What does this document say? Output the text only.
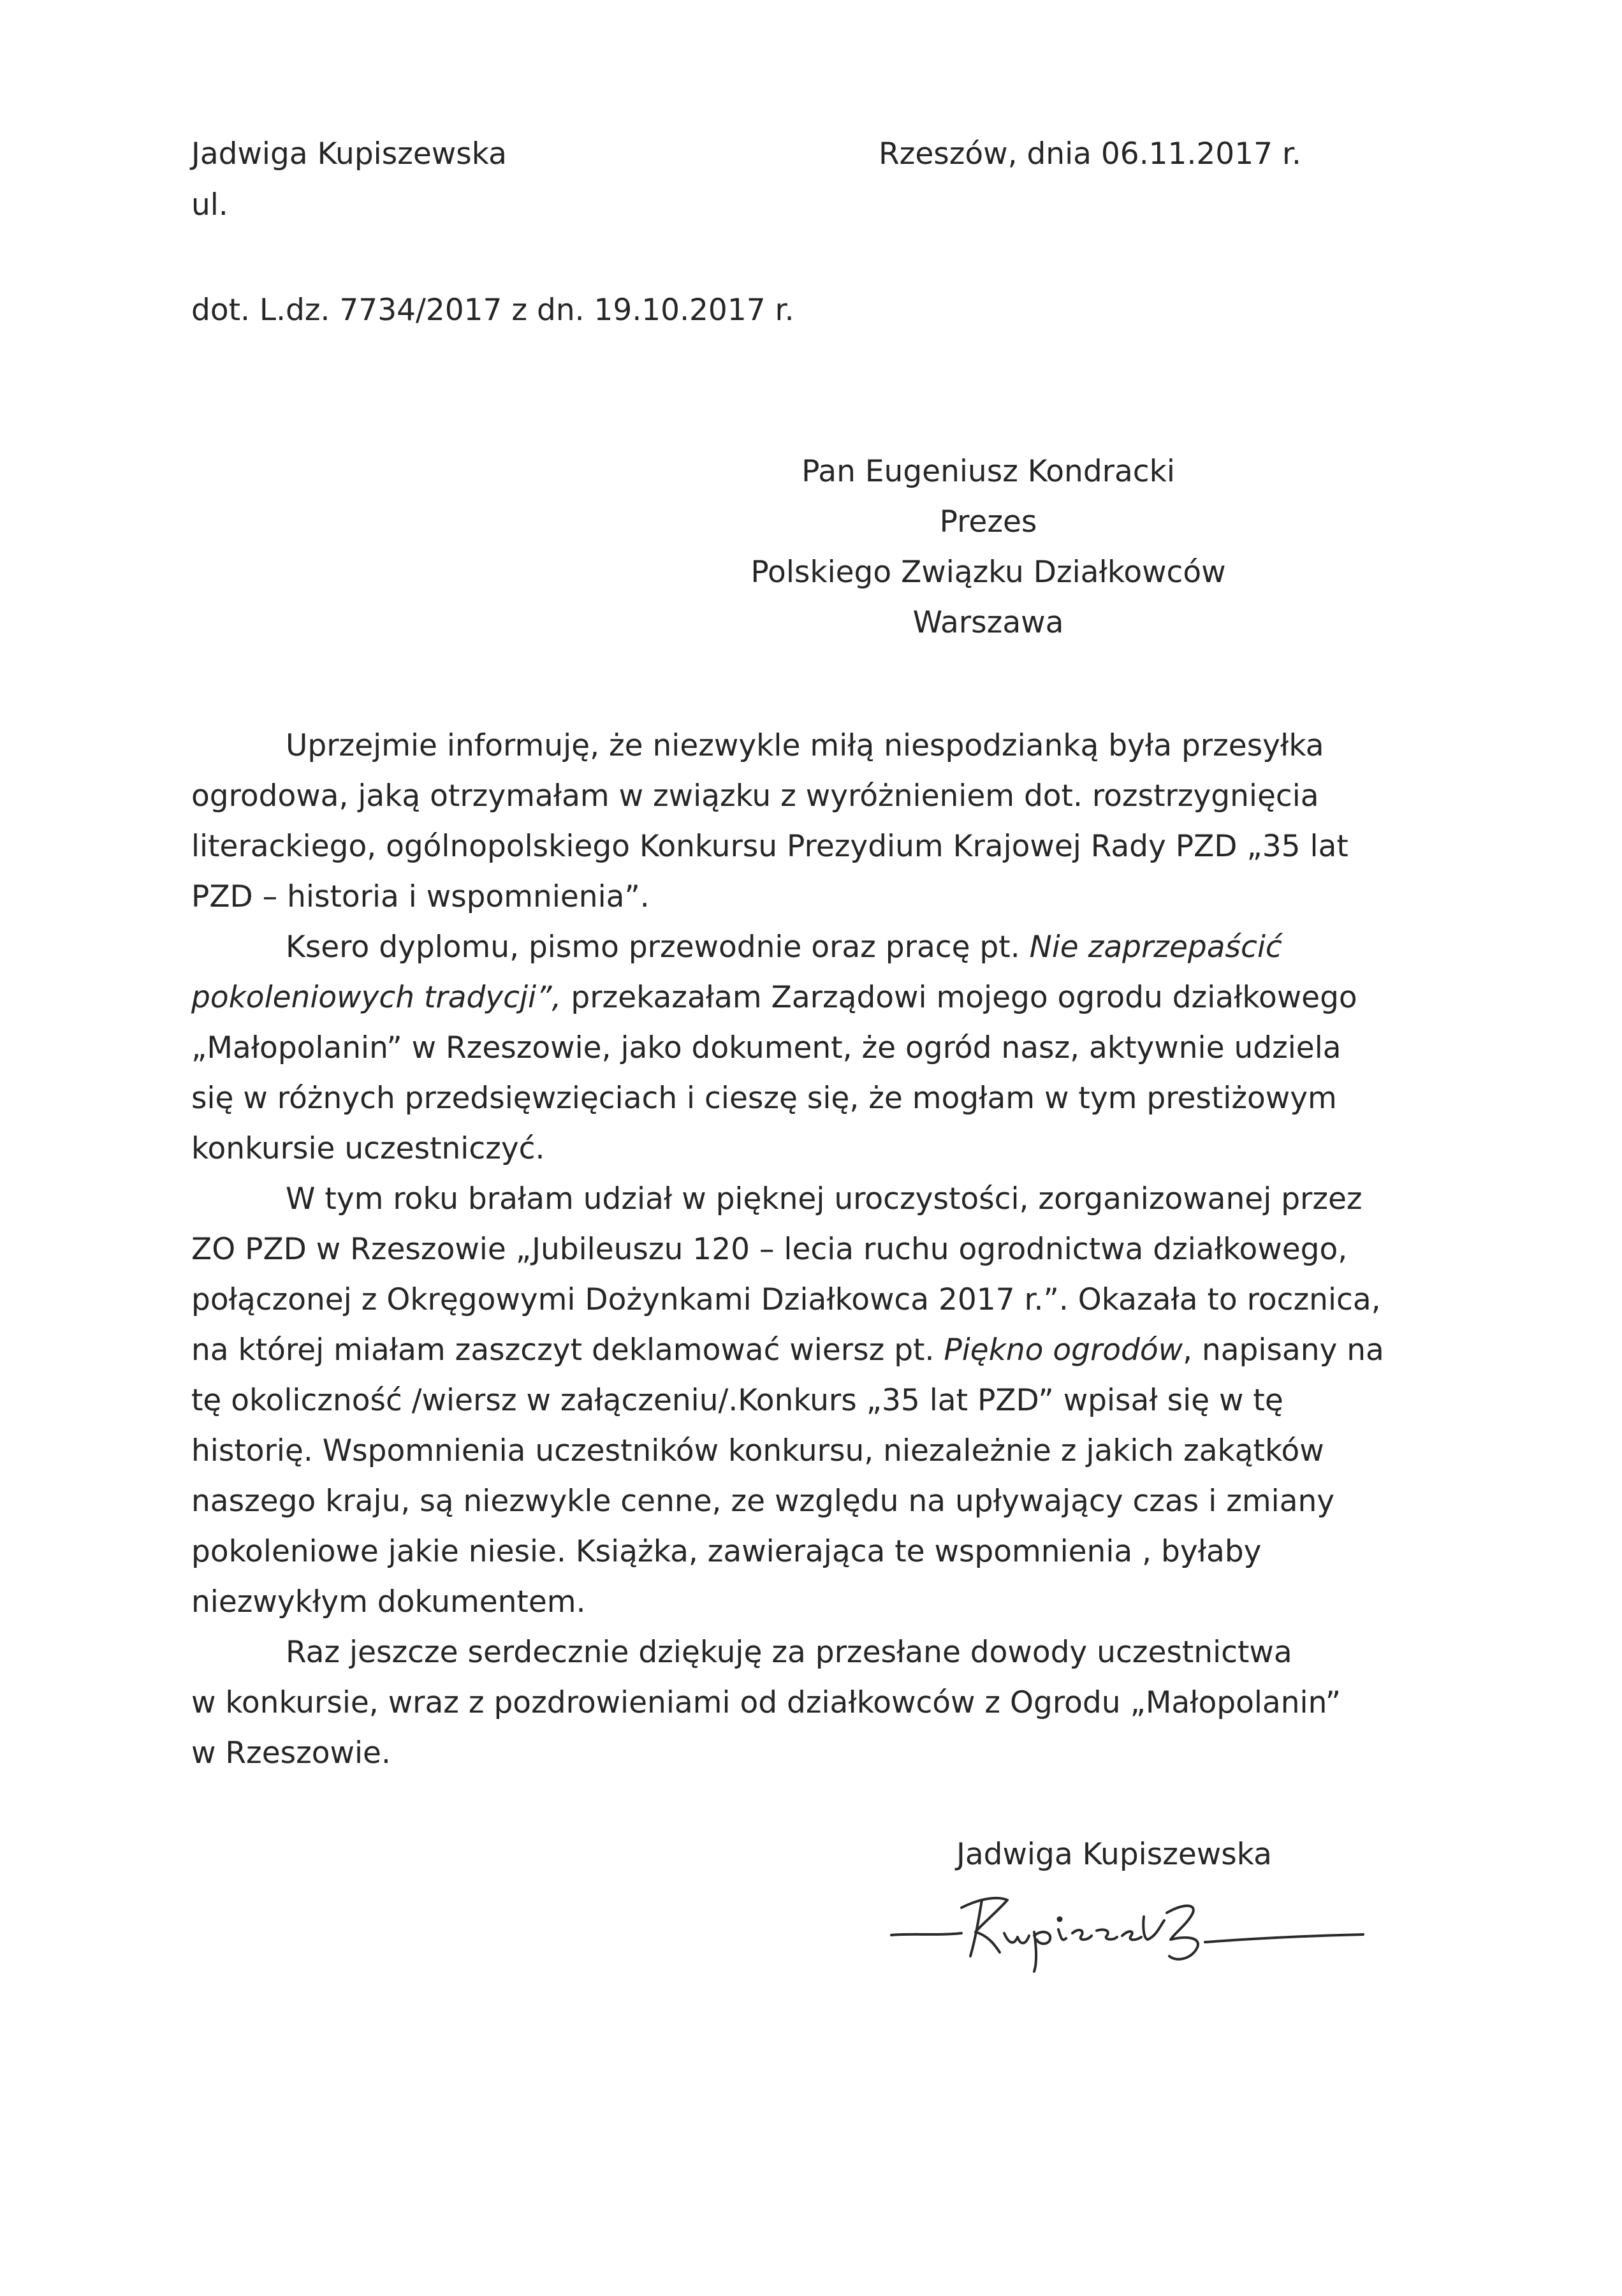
Jadwiga Kupiszewska
ul.
Rzeszów, dnia 06.11.2017 r.
dot. L.dz. 7734/2017 z dn. 19.10.2017 r.
Pan Eugeniusz Kondracki
Prezes
Polskiego Związku Działkowców
Warszawa
Uprzejmie informuję, że niezwykle miłą niespodzianką była przesyłka
ogrodowa, jaką otrzymałam w związku z wyróżnieniem dot. rozstrzygnięcia
literackiego, ogólnopolskiego Konkursu Prezydium Krajowej Rady PZD „35 lat
PZD – historia i wspomnienia”.
Ksero dyplomu, pismo przewodnie oraz pracę pt. Nie zaprzepaścić
pokoleniowych tradycji”, przekazałam Zarządowi mojego ogrodu działkowego
„Małopolanin” w Rzeszowie, jako dokument, że ogród nasz, aktywnie udziela
się w różnych przedsięwzięciach i cieszę się, że mogłam w tym prestiżowym
konkursie uczestniczyć.
W tym roku brałam udział w pięknej uroczystości, zorganizowanej przez
ZO PZD w Rzeszowie „Jubileuszu 120 – lecia ruchu ogrodnictwa działkowego,
połączonej z Okręgowymi Dożynkami Działkowca 2017 r.”. Okazała to rocznica,
na której miałam zaszczyt deklamować wiersz pt. Piękno ogrodów, napisany na
tę okoliczność /wiersz w załączeniu/.Konkurs „35 lat PZD” wpisał się w tę
historię. Wspomnienia uczestników konkursu, niezależnie z jakich zakątków
naszego kraju, są niezwykle cenne, ze względu na upływający czas i zmiany
pokoleniowe jakie niesie. Książka, zawierająca te wspomnienia , byłaby
niezwykłym dokumentem.
Raz jeszcze serdecznie dziękuję za przesłane dowody uczestnictwa
w konkursie, wraz z pozdrowieniami od działkowców z Ogrodu „Małopolanin”
w Rzeszowie.
Jadwiga Kupiszewska
